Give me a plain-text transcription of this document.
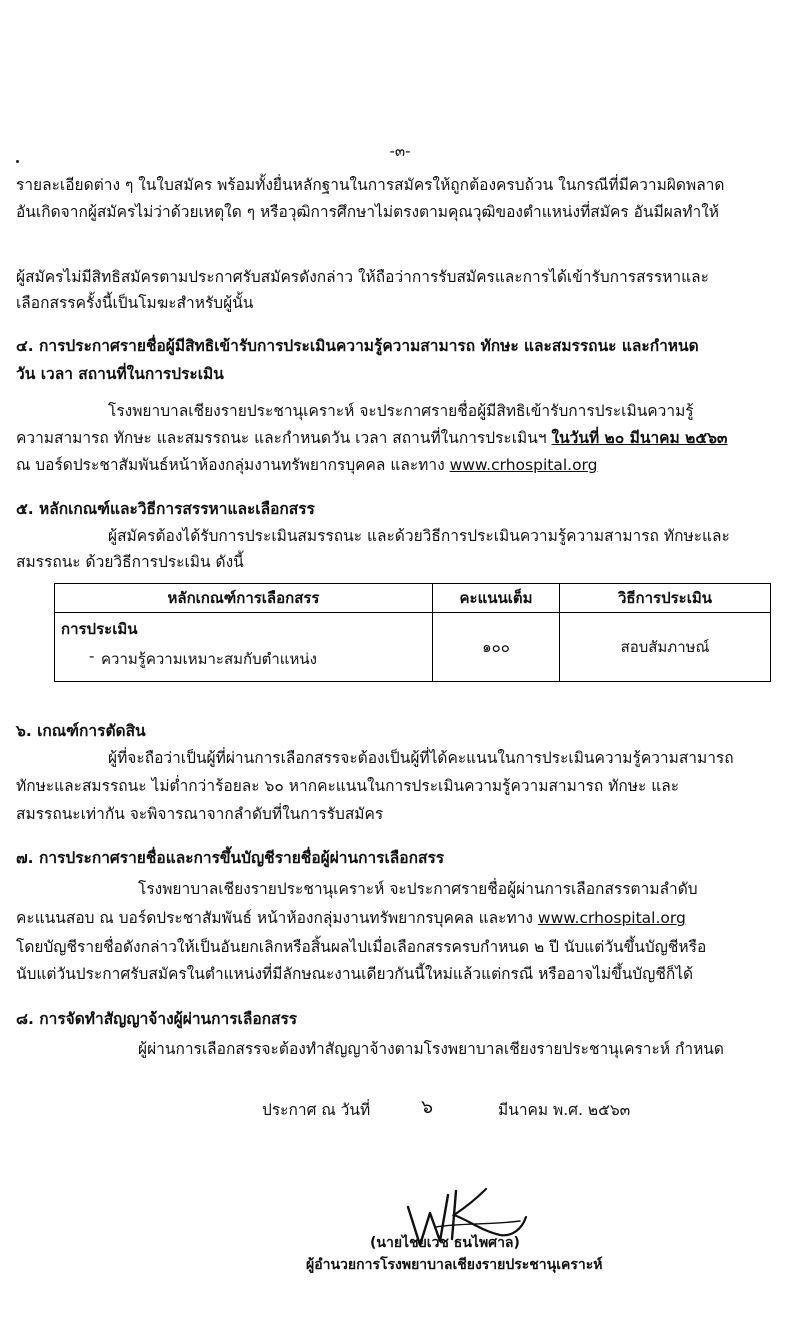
-๓-
รายละเอียดต่าง ๆ ในใบสมัคร พร้อมทั้งยื่นหลักฐานในการสมัครให้ถูกต้องครบถ้วน ในกรณีที่มีความผิดพลาด
อันเกิดจากผู้สมัครไม่ว่าด้วยเหตุใด ๆ หรือวุฒิการศึกษาไม่ตรงตามคุณวุฒิของตำแหน่งที่สมัคร อันมีผลทำให้
ผู้สมัครไม่มีสิทธิสมัครตามประกาศรับสมัครดังกล่าว ให้ถือว่าการรับสมัครและการได้เข้ารับการสรรหาและ
เลือกสรรครั้งนี้เป็นโมฆะสำหรับผู้นั้น
๔. การประกาศรายชื่อผู้มีสิทธิเข้ารับการประเมินความรู้ความสามารถ ทักษะ และสมรรถนะ และกำหนด
วัน เวลา สถานที่ในการประเมิน
โรงพยาบาลเชียงรายประชานุเคราะห์ จะประกาศรายชื่อผู้มีสิทธิเข้ารับการประเมินความรู้
ความสามารถ ทักษะ และสมรรถนะ และกำหนดวัน เวลา สถานที่ในการประเมินฯ ในวันที่ ๒๐ มีนาคม ๒๕๖๓
ณ บอร์ดประชาสัมพันธ์หน้าห้องกลุ่มงานทรัพยากรบุคคล และทาง www.crhospital.org
๕. หลักเกณฑ์และวิธีการสรรหาและเลือกสรร
ผู้สมัครต้องได้รับการประเมินสมรรถนะ และด้วยวิธีการประเมินความรู้ความสามารถ ทักษะและ
สมรรถนะ ด้วยวิธีการประเมิน ดังนี้
หลักเกณฑ์การเลือกสรร	คะแนนเต็ม	วิธีการประเมิน

การประเมิน
- ความรู้ความเหมาะสมกับตำแหน่ง	๑๐๐	สอบสัมภาษณ์
๖. เกณฑ์การตัดสิน
ผู้ที่จะถือว่าเป็นผู้ที่ผ่านการเลือกสรรจะต้องเป็นผู้ที่ได้คะแนนในการประเมินความรู้ความสามารถ
ทักษะและสมรรถนะ ไม่ต่ำกว่าร้อยละ ๖๐ หากคะแนนในการประเมินความรู้ความสามารถ ทักษะ และ
สมรรถนะเท่ากัน จะพิจารณาจากลำดับที่ในการรับสมัคร
๗. การประกาศรายชื่อและการขึ้นบัญชีรายชื่อผู้ผ่านการเลือกสรร
โรงพยาบาลเชียงรายประชานุเคราะห์ จะประกาศรายชื่อผู้ผ่านการเลือกสรรตามลำดับ
คะแนนสอบ ณ บอร์ดประชาสัมพันธ์ หน้าห้องกลุ่มงานทรัพยากรบุคคล และทาง www.crhospital.org
โดยบัญชีรายชื่อดังกล่าวให้เป็นอันยกเลิกหรือสิ้นผลไปเมื่อเลือกสรรครบกำหนด ๒ ปี นับแต่วันขึ้นบัญชีหรือ
นับแต่วันประกาศรับสมัครในตำแหน่งที่มีลักษณะงานเดียวกันนี้ใหม่แล้วแต่กรณี หรืออาจไม่ขึ้นบัญชีก็ได้
๘. การจัดทำสัญญาจ้างผู้ผ่านการเลือกสรร
ผู้ผ่านการเลือกสรรจะต้องทำสัญญาจ้างตามโรงพยาบาลเชียงรายประชานุเคราะห์ กำหนด
ประกาศ ณ วันที่	๖	มีนาคม พ.ศ. ๒๕๖๓
(นายไชยเวช ธนไพศาล)
ผู้อำนวยการโรงพยาบาลเชียงรายประชานุเคราะห์
